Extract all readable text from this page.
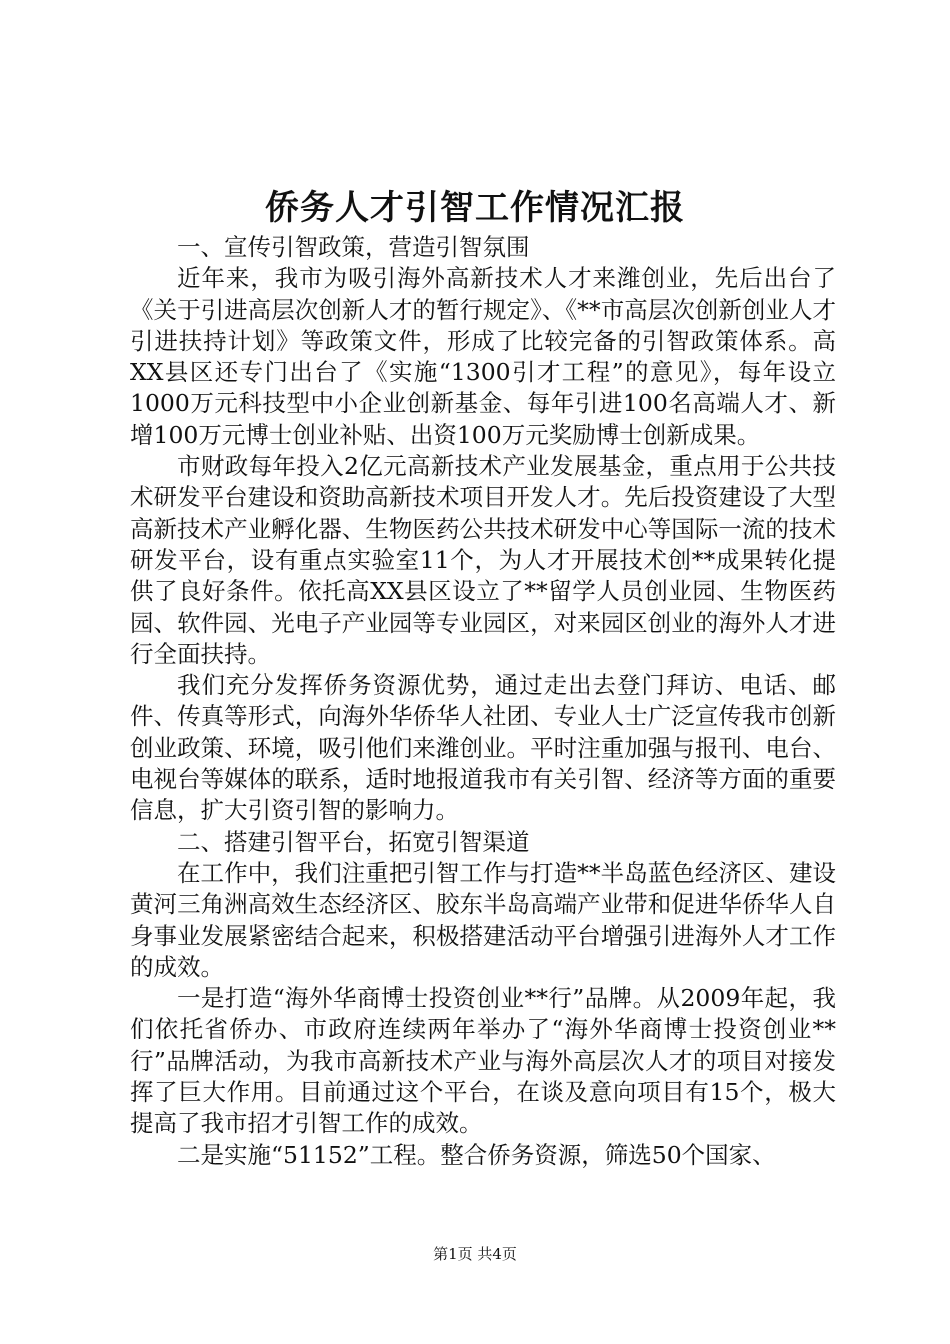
侨务人才引智工作情况汇报

一、宣传引智政策，营造引智氛围

近年来，我市为吸引海外高新技术人才来潍创业，先后出台了《关于引进高层次创新人才的暂行规定》、《**市高层次创新创业人才引进扶持计划》等政策文件，形成了比较完备的引智政策体系。高XX县区还专门出台了《实施“1300引才工程”的意见》，每年设立1000万元科技型中小企业创新基金、每年引进100名高端人才、新增100万元博士创业补贴、出资100万元奖励博士创新成果。

市财政每年投入2亿元高新技术产业发展基金，重点用于公共技术研发平台建设和资助高新技术项目开发人才。先后投资建设了大型高新技术产业孵化器、生物医药公共技术研发中心等国际一流的技术研发平台，设有重点实验室11个，为人才开展技术创**成果转化提供了良好条件。依托高XX县区设立了**留学人员创业园、生物医药园、软件园、光电子产业园等专业园区，对来园区创业的海外人才进行全面扶持。

我们充分发挥侨务资源优势，通过走出去登门拜访、电话、邮件、传真等形式，向海外华侨华人社团、专业人士广泛宣传我市创新创业政策、环境，吸引他们来潍创业。平时注重加强与报刊、电台、电视台等媒体的联系，适时地报道我市有关引智、经济等方面的重要信息，扩大引资引智的影响力。

二、搭建引智平台，拓宽引智渠道

在工作中，我们注重把引智工作与打造**半岛蓝色经济区、建设黄河三角洲高效生态经济区、胶东半岛高端产业带和促进华侨华人自身事业发展紧密结合起来，积极搭建活动平台增强引进海外人才工作的成效。

一是打造“海外华商博士投资创业**行”品牌。从2009年起，我们依托省侨办、市政府连续两年举办了“海外华商博士投资创业**行”品牌活动，为我市高新技术产业与海外高层次人才的项目对接发挥了巨大作用。目前通过这个平台，在谈及意向项目有15个，极大提高了我市招才引智工作的成效。

二是实施“51152”工程。整合侨务资源，筛选50个国家、

第1页 共4页
